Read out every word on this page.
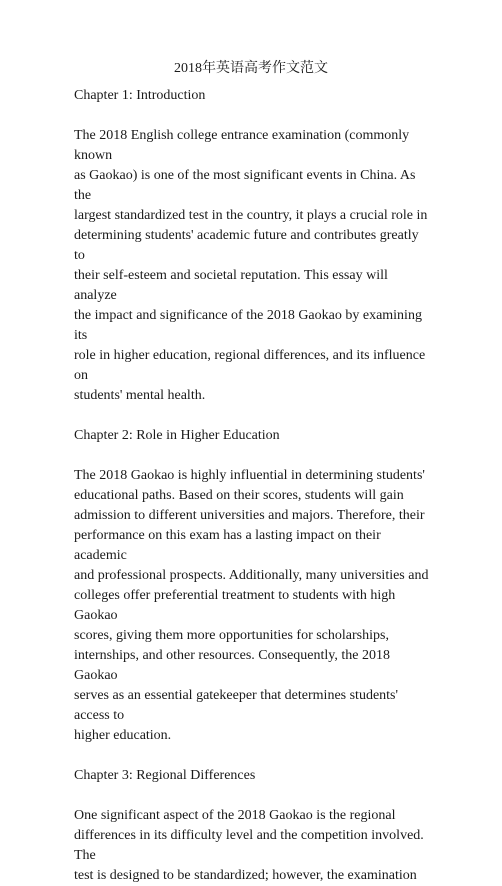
2018年英语高考作文范文
Chapter 1: Introduction
The 2018 English college entrance examination (commonly known
as Gaokao) is one of the most significant events in China. As the
largest standardized test in the country, it plays a crucial role in
determining students' academic future and contributes greatly to
their self-esteem and societal reputation. This essay will analyze
the impact and significance of the 2018 Gaokao by examining its
role in higher education, regional differences, and its influence on
students' mental health.
Chapter 2: Role in Higher Education
The 2018 Gaokao is highly influential in determining students'
educational paths. Based on their scores, students will gain
admission to different universities and majors. Therefore, their
performance on this exam has a lasting impact on their academic
and professional prospects. Additionally, many universities and
colleges offer preferential treatment to students with high Gaokao
scores, giving them more opportunities for scholarships,
internships, and other resources. Consequently, the 2018 Gaokao
serves as an essential gatekeeper that determines students' access to
higher education.
Chapter 3: Regional Differences
One significant aspect of the 2018 Gaokao is the regional
differences in its difficulty level and the competition involved. The
test is designed to be standardized; however, the examination
